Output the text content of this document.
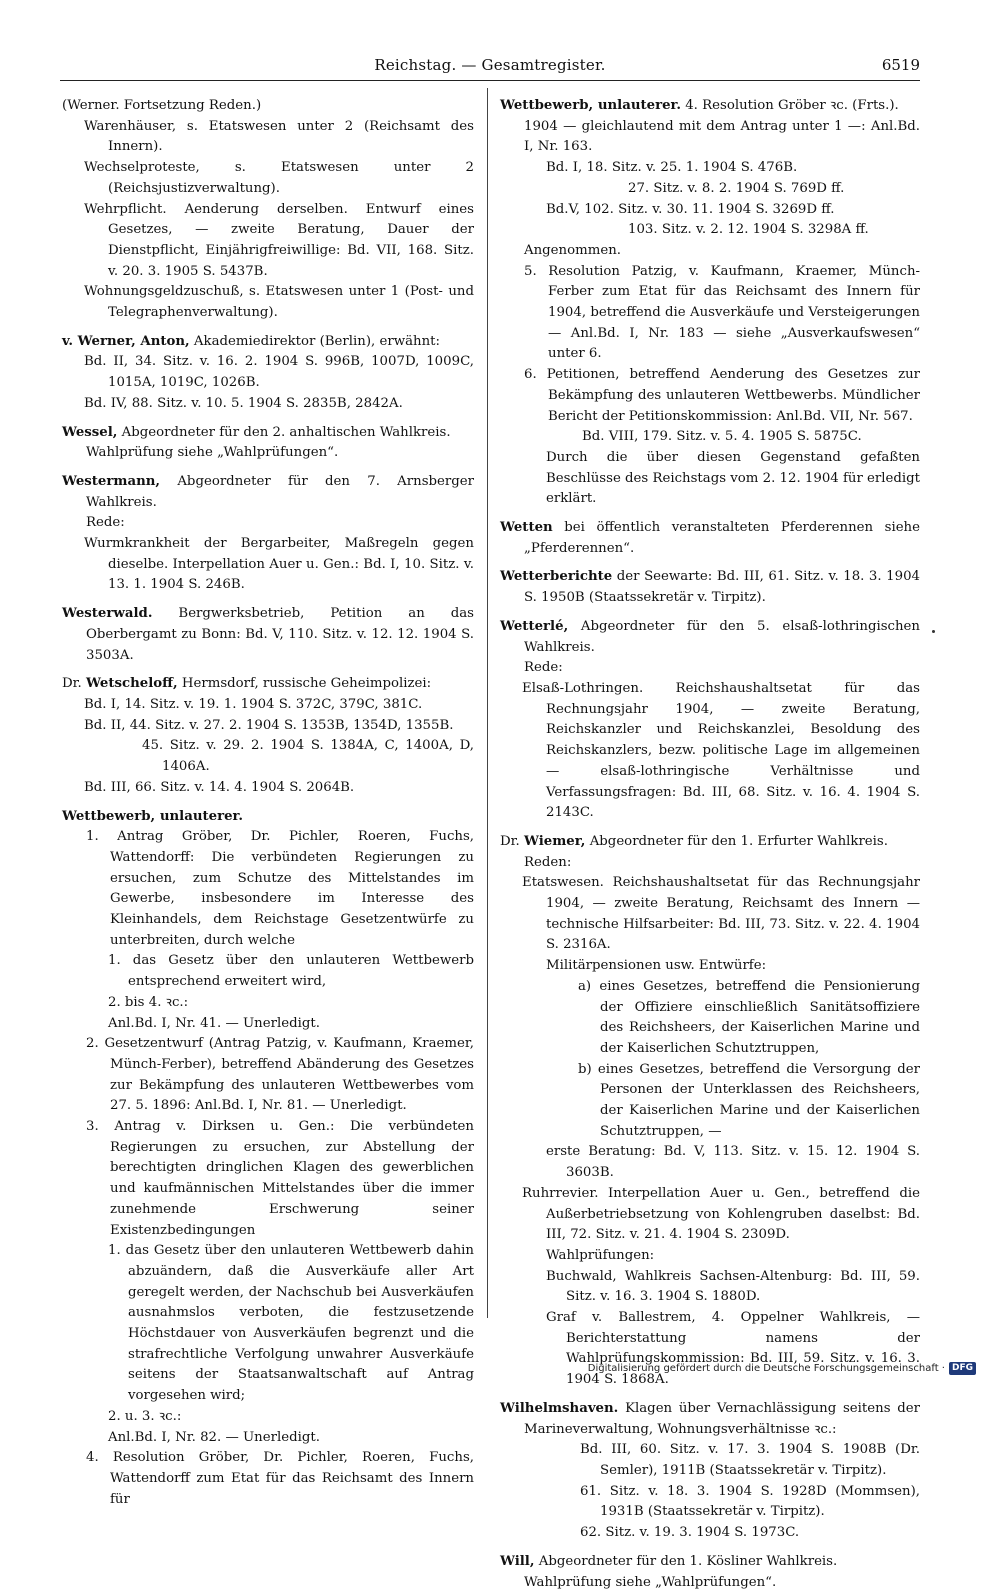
Reichstag. — Gesamtregister.	6519

(Werner. Fortsetzung Reden.)

Warenhäuser, s. Etatswesen unter 2 (Reichsamt des Innern).

Wechselproteste, s. Etatswesen unter 2 (Reichsjustizverwaltung).

Wehrpflicht. Aenderung derselben. Entwurf eines Gesetzes, — zweite Beratung, Dauer der Dienstpflicht, Einjährigfreiwillige: Bd. VII, 168. Sitz. v. 20. 3. 1905 S. 5437B.

Wohnungsgeldzuschuß, s. Etatswesen unter 1 (Post- und Telegraphenverwaltung).

v. Werner, Anton, Akademiedirektor (Berlin), erwähnt:

Bd. II, 34. Sitz. v. 16. 2. 1904 S. 996B, 1007D, 1009C, 1015A, 1019C, 1026B.

Bd. IV, 88. Sitz. v. 10. 5. 1904 S. 2835B, 2842A.

Wessel, Abgeordneter für den 2. anhaltischen Wahlkreis.

Wahlprüfung siehe „Wahlprüfungen“.

Westermann, Abgeordneter für den 7. Arnsberger Wahlkreis.

Rede:

Wurmkrankheit der Bergarbeiter, Maßregeln gegen dieselbe. Interpellation Auer u. Gen.: Bd. I, 10. Sitz. v. 13. 1. 1904 S. 246B.

Westerwald. Bergwerksbetrieb, Petition an das Oberbergamt zu Bonn: Bd. V, 110. Sitz. v. 12. 12. 1904 S. 3503A.

Dr. Wetscheloff, Hermsdorf, russische Geheimpolizei:

Bd. I, 14. Sitz. v. 19. 1. 1904 S. 372C, 379C, 381C.

Bd. II, 44. Sitz. v. 27. 2. 1904 S. 1353B, 1354D, 1355B.

45. Sitz. v. 29. 2. 1904 S. 1384A, C, 1400A, D, 1406A.

Bd. III, 66. Sitz. v. 14. 4. 1904 S. 2064B.

Wettbewerb, unlauterer.

1. Antrag Gröber, Dr. Pichler, Roeren, Fuchs, Wattendorff: Die verbündeten Regierungen zu ersuchen, zum Schutze des Mittelstandes im Gewerbe, insbesondere im Interesse des Kleinhandels, dem Reichstage Gesetzentwürfe zu unterbreiten, durch welche

1. das Gesetz über den unlauteren Wettbewerb entsprechend erweitert wird,

2. bis 4. ꝛc.:

Anl.Bd. I, Nr. 41. — Unerledigt.

2. Gesetzentwurf (Antrag Patzig, v. Kaufmann, Kraemer, Münch-Ferber), betreffend Abänderung des Gesetzes zur Bekämpfung des unlauteren Wettbewerbes vom 27. 5. 1896: Anl.Bd. I, Nr. 81. — Unerledigt.

3. Antrag v. Dirksen u. Gen.: Die verbündeten Regierungen zu ersuchen, zur Abstellung der berechtigten dringlichen Klagen des gewerblichen und kaufmännischen Mittelstandes über die immer zunehmende Erschwerung seiner Existenzbedingungen

1. das Gesetz über den unlauteren Wettbewerb dahin abzuändern, daß die Ausverkäufe aller Art geregelt werden, der Nachschub bei Ausverkäufen ausnahmslos verboten, die festzusetzende Höchstdauer von Ausverkäufen begrenzt und die strafrechtliche Verfolgung unwahrer Ausverkäufe seitens der Staatsanwaltschaft auf Antrag vorgesehen wird;

2. u. 3. ꝛc.:

Anl.Bd. I, Nr. 82. — Unerledigt.

4. Resolution Gröber, Dr. Pichler, Roeren, Fuchs, Wattendorff zum Etat für das Reichsamt des Innern für

Wettbewerb, unlauterer. 4. Resolution Gröber ꝛc. (Frts.).

1904 — gleichlautend mit dem Antrag unter 1 —: Anl.Bd. I, Nr. 163.

Bd. I, 18. Sitz. v. 25. 1. 1904 S. 476B.

27. Sitz. v. 8. 2. 1904 S. 769D ff.

Bd.V, 102. Sitz. v. 30. 11. 1904 S. 3269D ff.

103. Sitz. v. 2. 12. 1904 S. 3298A ff.

Angenommen.

5. Resolution Patzig, v. Kaufmann, Kraemer, Münch-Ferber zum Etat für das Reichsamt des Innern für 1904, betreffend die Ausverkäufe und Versteigerungen — Anl.Bd. I, Nr. 183 — siehe „Ausverkaufswesen“ unter 6.

6. Petitionen, betreffend Aenderung des Gesetzes zur Bekämpfung des unlauteren Wettbewerbs. Mündlicher Bericht der Petitionskommission: Anl.Bd. VII, Nr. 567.

Bd. VIII, 179. Sitz. v. 5. 4. 1905 S. 5875C.

Durch die über diesen Gegenstand gefaßten Beschlüsse des Reichstags vom 2. 12. 1904 für erledigt erklärt.

Wetten bei öffentlich veranstalteten Pferderennen siehe „Pferderennen“.

Wetterberichte der Seewarte: Bd. III, 61. Sitz. v. 18. 3. 1904 S. 1950B (Staatssekretär v. Tirpitz).

Wetterlé, Abgeordneter für den 5. elsaß-lothringischen Wahlkreis.

Rede:

Elsaß-Lothringen. Reichshaushaltsetat für das Rechnungsjahr 1904, — zweite Beratung, Reichskanzler und Reichskanzlei, Besoldung des Reichskanzlers, bezw. politische Lage im allgemeinen — elsaß-lothringische Verhältnisse und Verfassungsfragen: Bd. III, 68. Sitz. v. 16. 4. 1904 S. 2143C.

Dr. Wiemer, Abgeordneter für den 1. Erfurter Wahlkreis.

Reden:

Etatswesen. Reichshaushaltsetat für das Rechnungsjahr 1904, — zweite Beratung, Reichsamt des Innern — technische Hilfsarbeiter: Bd. III, 73. Sitz. v. 22. 4. 1904 S. 2316A.

Militärpensionen usw. Entwürfe:

a) eines Gesetzes, betreffend die Pensionierung der Offiziere einschließlich Sanitätsoffiziere des Reichsheers, der Kaiserlichen Marine und der Kaiserlichen Schutztruppen,

b) eines Gesetzes, betreffend die Versorgung der Personen der Unterklassen des Reichsheers, der Kaiserlichen Marine und der Kaiserlichen Schutztruppen, —

erste Beratung: Bd. V, 113. Sitz. v. 15. 12. 1904 S. 3603B.

Ruhrrevier. Interpellation Auer u. Gen., betreffend die Außerbetriebsetzung von Kohlengruben daselbst: Bd. III, 72. Sitz. v. 21. 4. 1904 S. 2309D.

Wahlprüfungen:

Buchwald, Wahlkreis Sachsen-Altenburg: Bd. III, 59. Sitz. v. 16. 3. 1904 S. 1880D.

Graf v. Ballestrem, 4. Oppelner Wahlkreis, — Berichterstattung namens der Wahlprüfungskommission: Bd. III, 59. Sitz. v. 16. 3. 1904 S. 1868A.

Wilhelmshaven. Klagen über Vernachlässigung seitens der Marineverwaltung, Wohnungsverhältnisse ꝛc.:

Bd. III, 60. Sitz. v. 17. 3. 1904 S. 1908B (Dr. Semler), 1911B (Staatssekretär v. Tirpitz).

61. Sitz. v. 18. 3. 1904 S. 1928D (Mommsen), 1931B (Staatssekretär v. Tirpitz).

62. Sitz. v. 19. 3. 1904 S. 1973C.

Will, Abgeordneter für den 1. Kösliner Wahlkreis.

Wahlprüfung siehe „Wahlprüfungen“.

Digitalisierung gefördert durch die Deutsche Forschungsgemeinschaft · DFG
